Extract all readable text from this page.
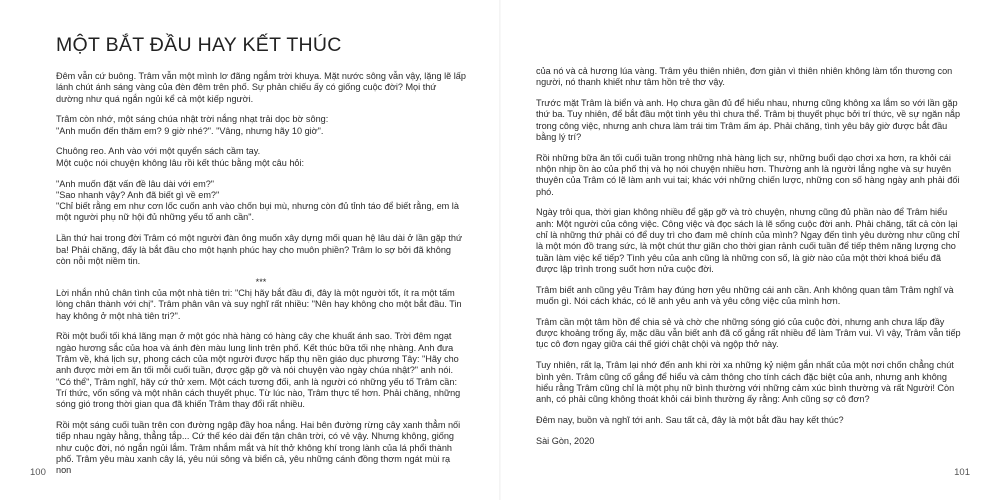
MỘT BẮT ĐẦU HAY KẾT THÚC

Đêm vẫn cứ buông. Trâm vẫn một mình lơ đãng ngắm trời khuya. Mặt nước sông vẫn vậy, lặng lẽ lấp lánh chút ánh sáng vàng của đèn đêm trên phố. Sự phản chiếu ấy có giống cuộc đời? Mọi thứ dường như quá ngắn ngủi kể cả một kiếp người.

Trâm còn nhớ, một sáng chúa nhật trời nắng nhạt trải dọc bờ sông:
"Anh muốn đến thăm em? 9 giờ nhé?". "Vâng, nhưng hãy 10 giờ".

Chuông reo. Anh vào với một quyển sách cầm tay.
Một cuộc nói chuyện không lâu rồi kết thúc bằng một câu hỏi:

"Anh muốn đặt vấn đề lâu dài với em?"
"Sao nhanh vậy? Anh đã biết gì về em?"
"Chỉ biết rằng em như cơn lốc cuốn anh vào chốn bụi mù, nhưng còn đủ tỉnh táo để biết rằng, em là một người phụ nữ hội đủ những yếu tố anh cần".

Lần thứ hai trong đời Trâm có một người đàn ông muốn xây dựng mối quan hệ lâu dài ở lần gặp thứ ba! Phải chăng, đấy là bắt đầu cho một hạnh phúc hay cho muôn phiền? Trâm lo sợ bởi đã không còn nỗi một niềm tin.

***

Lời nhắn nhủ chân tình của một nhà tiên tri: "Chị hãy bắt đầu đi, đây là một người tốt, ít ra một tấm lòng chân thành với chị". Trâm phân vân và suy nghĩ rất nhiều: "Nên hay không cho một bắt đầu. Tin hay không ở một nhà tiên tri?".

Rồi một buổi tối khá lãng mạn ở một góc nhà hàng có hàng cây che khuất ánh sao. Trời đêm ngạt ngào hương sắc của hoa và ánh đèn màu lung linh trên phố. Kết thúc bữa tối nhẹ nhàng. Anh đưa Trâm về, khá lịch sự, phong cách của một người được hấp thụ nền giáo dục phương Tây: "Hãy cho anh được mời em ăn tối mỗi cuối tuần, được gặp gỡ và nói chuyện vào ngày chúa nhật?" anh nói. "Có thể", Trâm nghĩ, hãy cứ thử xem. Một cách tương đối, anh là người có những yếu tố Trâm cần: Trí thức, vốn sống và một nhân cách thuyết phục. Từ lúc nào, Trâm thực tế hơn. Phải chăng, những sóng gió trong thời gian qua đã khiến Trâm thay đổi rất nhiều.

Rồi một sáng cuối tuần trên con đường ngập đầy hoa nắng. Hai bên đường rừng cây xanh thẳm nối tiếp nhau ngày hằng, thẳng tắp... Cứ thế kéo dài đến tận chân trời, có vẻ vậy. Nhưng không, giống như cuộc đời, nó ngắn ngủi lắm. Trâm nhắm mắt và hít thở không khí trong lành của lá phổi thành phố. Trâm yêu màu xanh cây lá, yêu núi sông và biển cả, yêu những cánh đồng thơm ngát mùi rạ non

100

của nó và cả hương lúa vàng. Trâm yêu thiên nhiên, đơn giản vì thiên nhiên không làm tổn thương con người, nó thanh khiết như tâm hồn trẻ thơ vậy.

Trước mặt Trâm là biển và anh. Họ chưa gần đủ để hiểu nhau, nhưng cũng không xa lắm so với lần gặp thứ ba. Tuy nhiên, để bắt đầu một tình yêu thì chưa thể. Trâm bị thuyết phục bởi trí thức, về sự ngăn nắp trong công việc, nhưng anh chưa làm trái tim Trâm ấm áp. Phải chăng, tình yêu bây giờ được bắt đầu bằng lý trí?

Rồi những bữa ăn tối cuối tuần trong những nhà hàng lịch sự, những buổi dạo chơi xa hơn, ra khỏi cái nhộn nhịp ồn ào của phố thị và họ nói chuyện nhiều hơn. Thường anh là người lắng nghe và sự huyên thuyên của Trâm có lẽ làm anh vui tai; khác với những chiến lược, những con số hàng ngày anh phải đối phó.

Ngày trôi qua, thời gian không nhiều để gặp gỡ và trò chuyện, nhưng cũng đủ phần nào để Trâm hiểu anh: Một người của công việc. Công việc và đọc sách là lẽ sống cuộc đời anh. Phải chăng, tất cả còn lại chỉ là những thứ phải có để duy trì cho đam mê chính của mình? Ngay đến tình yêu dường như cũng chỉ là một món đồ trang sức, là một chút thư giãn cho thời gian rảnh cuối tuần để tiếp thêm năng lượng cho tuần làm việc kế tiếp? Tình yêu của anh cũng là những con số, là giờ nào của một thời khoá biểu đã được lập trình trong suốt hơn nửa cuộc đời.

Trâm biết anh cũng yêu Trâm hay đúng hơn yêu những cái anh cần. Anh không quan tâm Trâm nghĩ và muốn gì. Nói cách khác, có lẽ anh yêu anh và yêu công việc của mình hơn.

Trâm cần một tâm hồn để chia sẻ và chờ che những sóng gió của cuộc đời, nhưng anh chưa lấp đầy được khoảng trống ấy, mặc dầu vẫn biết anh đã cố gắng rất nhiều để làm Trâm vui. Vì vậy, Trâm vẫn tiếp tục cô đơn ngay giữa cái thế giới chật chội và ngộp thở này.

Tuy nhiên, rất lạ, Trâm lại nhớ đến anh khi rời xa những kỷ niệm gắn nhất của một nơi chốn chẳng chút bình yên. Trâm cũng cố gắng để hiểu và cảm thông cho tính cách đặc biệt của anh, nhưng anh không hiểu rằng Trâm cũng chỉ là một phụ nữ bình thường với những cảm xúc bình thường và rất Người! Còn anh, có phải cũng không thoát khỏi cái bình thường ấy rằng: Anh cũng sợ cô đơn?

Đêm nay, buồn và nghĩ tới anh. Sau tất cả, đây là một bắt đầu hay kết thúc?

Sài Gòn, 2020

101
